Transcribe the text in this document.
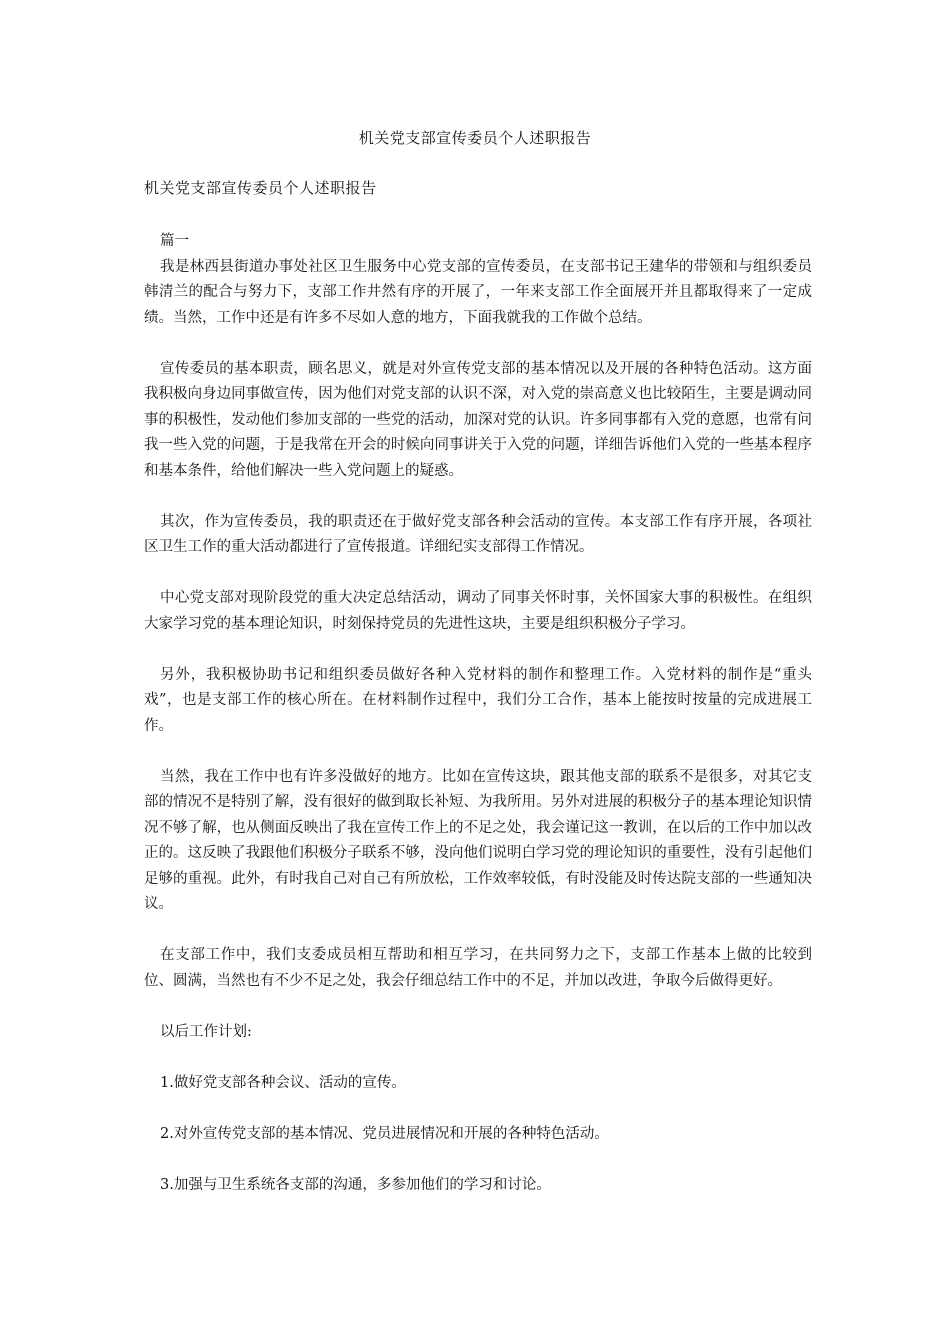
机关党支部宣传委员个人述职报告
机关党支部宣传委员个人述职报告

篇一

我是林西县街道办事处社区卫生服务中心党支部的宣传委员，在支部书记王建华的带领和与组织委员韩清兰的配合与努力下，支部工作井然有序的开展了，一年来支部工作全面展开并且都取得来了一定成绩。当然，工作中还是有许多不尽如人意的地方，下面我就我的工作做个总结。

宣传委员的基本职责，顾名思义，就是对外宣传党支部的基本情况以及开展的各种特色活动。这方面我积极向身边同事做宣传，因为他们对党支部的认识不深，对入党的崇高意义也比较陌生，主要是调动同事的积极性，发动他们参加支部的一些党的活动，加深对党的认识。许多同事都有入党的意愿，也常有问我一些入党的问题，于是我常在开会的时候向同事讲关于入党的问题，详细告诉他们入党的一些基本程序和基本条件，给他们解决一些入党问题上的疑惑。

其次，作为宣传委员，我的职责还在于做好党支部各种会活动的宣传。本支部工作有序开展，各项社区卫生工作的重大活动都进行了宣传报道。详细纪实支部得工作情况。

中心党支部对现阶段党的重大决定总结活动，调动了同事关怀时事，关怀国家大事的积极性。在组织大家学习党的基本理论知识，时刻保持党员的先进性这块，主要是组织积极分子学习。

另外，我积极协助书记和组织委员做好各种入党材料的制作和整理工作。入党材料的制作是“重头戏”，也是支部工作的核心所在。在材料制作过程中，我们分工合作，基本上能按时按量的完成进展工作。

当然，我在工作中也有许多没做好的地方。比如在宣传这块，跟其他支部的联系不是很多，对其它支部的情况不是特别了解，没有很好的做到取长补短、为我所用。另外对进展的积极分子的基本理论知识情况不够了解，也从侧面反映出了我在宣传工作上的不足之处，我会谨记这一教训，在以后的工作中加以改正的。这反映了我跟他们积极分子联系不够，没向他们说明白学习党的理论知识的重要性，没有引起他们足够的重视。此外，有时我自己对自己有所放松，工作效率较低，有时没能及时传达院支部的一些通知决议。

在支部工作中，我们支委成员相互帮助和相互学习，在共同努力之下，支部工作基本上做的比较到位、圆满，当然也有不少不足之处，我会仔细总结工作中的不足，并加以改进，争取今后做得更好。

以后工作计划:

1.做好党支部各种会议、活动的宣传。

2.对外宣传党支部的基本情况、党员进展情况和开展的各种特色活动。

3.加强与卫生系统各支部的沟通，多参加他们的学习和讨论。
